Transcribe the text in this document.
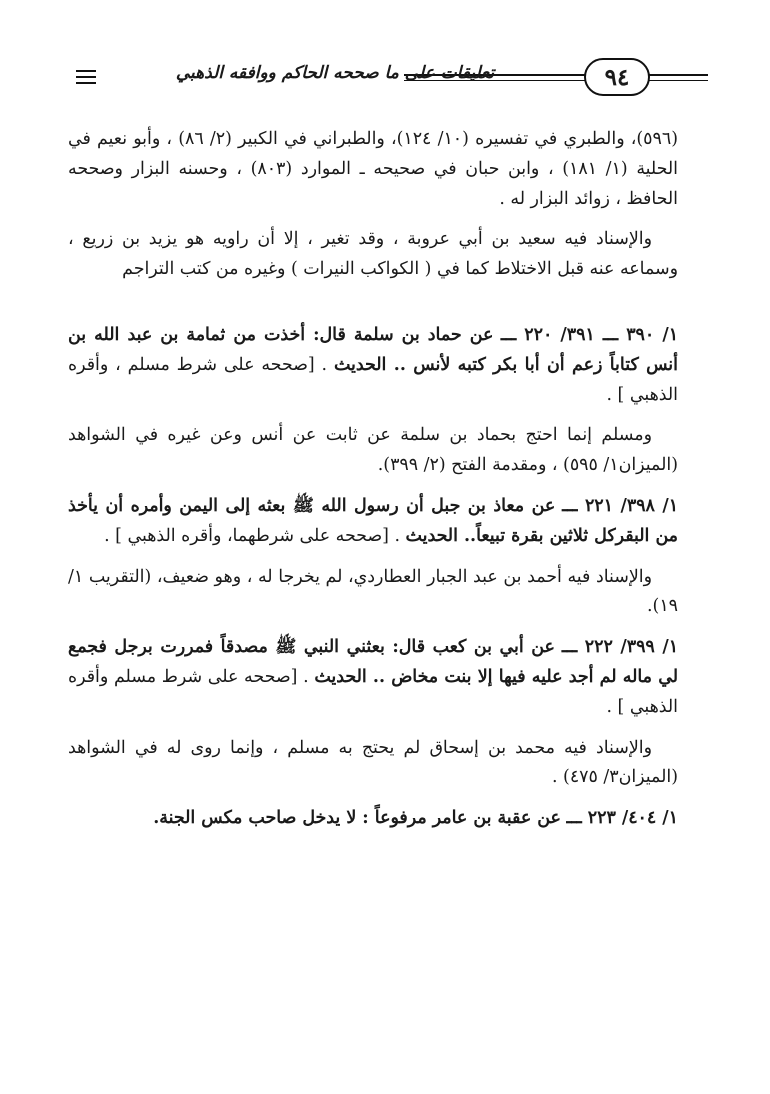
٩٤
تعليقات على ما صححه الحاكم ووافقه الذهبي

(٥٩٦)، والطبري في تفسيره (١٠/ ١٢٤)، والطبراني في الكبير (٢/ ٨٦) ، وأبو نعيم في الحلية (١/ ١٨١) ، وابن حبان في صحيحه ـ الموارد (٨٠٣) ، وحسنه البزار وصححه الحافظ ، زوائد البزار له .

والإسناد فيه سعيد بن أبي عروبة ، وقد تغير ، إلا أن راويه هو يزيد بن زريع ، وسماعه عنه قبل الاختلاط كما في ( الكواكب النيرات ) وغيره من كتب التراجم

١/ ٣٩٠ ـــ ٣٩١/ ٢٢٠ ـــ عن حماد بن سلمة قال: أخذت من ثمامة بن عبد الله بن أنس كتاباً زعم أن أبا بكر كتبه لأنس .. الحديث . [صححه على شرط مسلم ، وأقره الذهبي ] .

ومسلم إنما احتج بحماد بن سلمة عن ثابت عن أنس وعن غيره في الشواهد (الميزان١/ ٥٩٥) ، ومقدمة الفتح (٢/ ٣٩٩).

١/ ٣٩٨/ ٢٢١ ـــ عن معاذ بن جبل أن رسول الله ﷺ بعثه إلى اليمن وأمره أن يأخذ من البقركل ثلاثين بقرة تبيعاً.. الحديث . [صححه على شرطهما، وأقره الذهبي ] .

والإسناد فيه أحمد بن عبد الجبار العطاردي، لم يخرجا له ، وهو ضعيف، (التقريب ١/ ١٩).

١/ ٣٩٩/ ٢٢٢ ـــ عن أبي بن كعب قال: بعثني النبي ﷺ مصدقاً فمررت برجل فجمع لي ماله لم أجد عليه فيها إلا بنت مخاض .. الحديث . [صححه على شرط مسلم وأقره الذهبي ] .

والإسناد فيه محمد بن إسحاق لم يحتج به مسلم ، وإنما روى له في الشواهد (الميزان٣/ ٤٧٥) .

١/ ٤٠٤/ ٢٢٣ ـــ عن عقبة بن عامر مرفوعاً : لا يدخل صاحب مكس الجنة.
